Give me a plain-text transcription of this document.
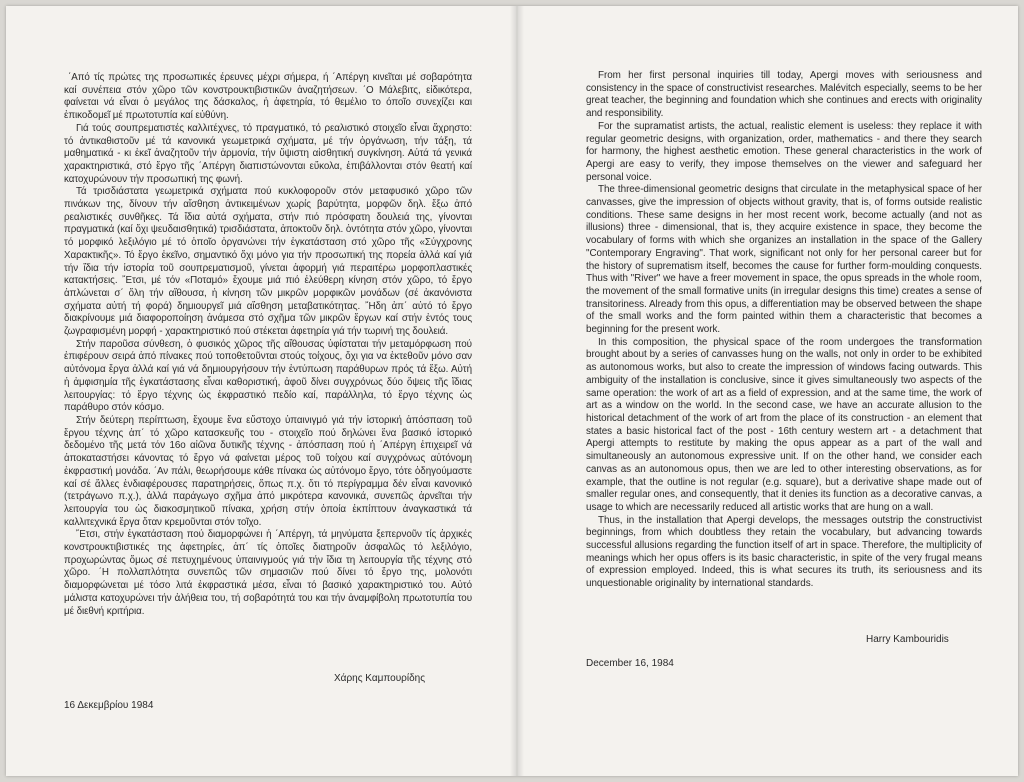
΄Από τίς πρώτες της προσωπικές έρευνες μέχρι σήμερα, ή ΄Απέργη κινεῖται μέ σοβαρότητα καί συνέπεια στόν χῶρο τῶν κονστρουκτιβιστικῶν ἀναζητήσεων. ΄Ο Μάλεβιτς, εἰδικότερα, φαίνεται νά εἶναι ὁ μεγάλος της δάσκαλος, ἡ ἀφετηρία, τό θεμέλιο το όποῖο συνεχίζει και ἐπικοδομεῖ μέ πρωτοτυπία καί εὐθύνη.

Γιά τούς σουπρεματιστές καλλιτέχνες, τό πραγματικό, τό ρεαλιστικό στοιχεῖο εἶναι ἄχρηστο: τό ἀντικαθιστοῦν μέ τά κανονικά γεωμετρικά σχήματα, μέ τήν ὀργάνωση, τήν τάξη, τά μαθηματικά - κι ἐκεῖ ἀναζητοῦν τήν ἁρμονία, τήν ὕψιστη αἰσθητική συγκίνηση. Αὐτά τά γενικά χαρακτηριστικά, στό ἔργο τῆς ΄Απέργη διαπιστώνονται εὔκολα, ἐπιβάλλονται στόν θεατή καί κατοχυρώνουν τήν προσωπική της φωνή.

Τά τρισδιάστατα γεωμετρικά σχήματα πού κυκλοφοροῦν στόν μεταφυσικό χῶρο τῶν πινάκων της, δίνουν τήν αἴσθηση ἀντικειμένων χωρίς βαρύτητα, μορφῶν δηλ. ἔξω ἀπό ρεαλιστικές συνθῆκες. Τά ἴδια αὐτά σχήματα, στήν πιό πρόσφατη δουλειά της, γίνονται πραγματικά (καί ὄχι ψευδαισθητικά) τρισδιάστατα, ἀποκτοῦν δηλ. ὀντότητα στόν χῶρο, γίνονται τό μορφικό λεξιλόγιο μέ τό ὁποῖο ὀργανώνει τήν ἐγκατάσταση στό χῶρο τῆς «Σύγχρονης Χαρακτικῆς». Τό ἔργο ἐκεῖνο, σημαντικό ὄχι μόνο για τήν προσωπική της πορεία ἀλλά καί γιά τήν ἴδια τήν ἱστορία τοῦ σουπρεματισμοῦ, γίνεται ἀφορμή γιά περαιτέρω μορφοπλαστικές κατακτήσεις. ῎Ετσι, μέ τόν «Ποταμό» ἔχουμε μιά πιό ἐλεύθερη κίνηση στόν χῶρο, τό ἔργο ἁπλώνεται σ΄ ὅλη τήν αἴθουσα, ἡ κίνηση τῶν μικρῶν μορφικῶν μονάδων (σέ ἀκανόνιστα σχήματα αὐτή τή φορά) δημιουργεῖ μιά αἴσθηση μεταβατικότητας. ῎Ηδη ἀπ΄ αὐτό τό ἔργο διακρίνουμε μιά διαφοροποίηση ἀνάμεσα στό σχῆμα τῶν μικρῶν ἔργων καί στήν ἐντός τους ζωγραφισμένη μορφή - χαρακτηριστικό πού στέκεται ἀφετηρία γιά τήν τωρινή της δουλειά.

Στήν παροῦσα σύνθεση, ὁ φυσικός χῶρος τῆς αἴθουσας ὑφίσταται τήν μεταμόρφωση πού ἐπιφέρουν σειρά ἀπό πίνακες πού τοποθετοῦνται στούς τοίχους, ὄχι για να ἐκτεθοῦν μόνο σαν αὐτόνομα ἔργα ἀλλά καί γιά νά δημιουργήσουν τήν ἐντύπωση παράθυρων πρός τά ἔξω. Αὐτή ἡ ἀμφισημία τῆς ἐγκατάστασης εἶναι καθοριστική, ἀφοῦ δίνει συγχρόνως δύο ὄψεις τῆς ἴδιας λειτουργίας: τό ἔργο τέχνης ὡς ἐκφραστικό πεδίο καί, παράλληλα, τό ἔργο τέχνης ὡς παράθυρο στόν κόσμο.

Στήν δεύτερη περίπτωση, ἔχουμε ἕνα εὔστοχο ὑπαινιγμό γιά τήν ἱστορική ἀπόσπαση τοῦ ἔργου τέχνης ἀπ΄ τό χῶρο κατασκευῆς του - στοιχεῖο πού δηλώνει ἕνα βασικό ἱστορικό δεδομένο τῆς μετά τόν 16ο αἰῶνα δυτικῆς τέχνης - ἀπόσπαση πού ἡ ΄Απέργη ἐπιχειρεῖ νά ἀποκαταστήσει κάνοντας τό ἔργο νά φαίνεται μέρος τοῦ τοίχου καί συγχρόνως αὐτόνομη ἐκφραστική μονάδα. ΄Αν πάλι, θεωρήσουμε κάθε πίνακα ὡς αὐτόνομο ἔργο, τότε ὁδηγούμαστε καί σέ ἄλλες ἐνδιαφέρουσες παρατηρήσεις, ὅπως π.χ. ὅτι τό περίγραμμα δέν εἶναι κανονικό (τετράγωνο π.χ.), ἀλλά παράγωγο σχῆμα ἀπό μικρότερα κανονικά, συνεπῶς ἀρνεῖται τήν λειτουργία του ὡς διακοσμητικοῦ πίνακα, χρήση στήν ὁποία ἐκπίπτουν ἀναγκαστικά τά καλλιτεχνικά ἔργα ὅταν κρεμοῦνται στόν τοῖχο.

῎Ετσι, στήν ἐγκατάσταση πού διαμορφώνει ἡ ΄Απέργη, τά μηνύματα ξεπερνοῦν τίς ἀρχικές κονστρουκτιβιστικές της ἀφετηρίες, ἀπ΄ τίς ὁποῖες διατηροῦν ἀσφαλῶς τό λεξιλόγιο, προχωρώντας ὅμως σέ πετυχημένους ὑπαινιγμούς γιά τήν ἴδια τη λειτουργία τῆς τέχνης στό χῶρο. ΄Η πολλαπλότητα συνεπῶς τῶν σημασιῶν πού δίνει τό ἔργο της, μολονότι διαμορφώνεται μέ τόσο λιτά ἐκφραστικά μέσα, εἶναι τό βασικό χαρακτηριστικό του. Αὐτό μάλιστα κατοχυρώνει τήν ἀλήθεια του, τή σοβαρότητά του και τήν ἀναμφίβολη πρωτοτυπία του μέ διεθνή κριτήρια.

Χάρης Καμπουρίδης
16 Δεκεμβρίου 1984

From her first personal inquiries till today, Apergi moves with seriousness and consistency in the space of constructivist researches. Malévitch especially, seems to be her great teacher, the beginning and foundation which she continues and erects with originality and responsibility.

For the supramatist artists, the actual, realistic element is useless: they replace it with regular geometric designs, with organization, order, mathematics - and there they search for harmony, the highest aesthetic emotion. These general characteristics in the work of Apergi are easy to verify, they impose themselves on the viewer and safeguard her personal voice.

The three-dimensional geometric designs that circulate in the metaphysical space of her canvasses, give the impression of objects without gravity, that is, of forms outside realistic conditions. These same designs in her most recent work, become actually (and not as illusions) three - dimensional, that is, they acquire existence in space, they become the vocabulary of forms with which she organizes an installation in the space of the Gallery "Contemporary Engraving". That work, significant not only for her personal career but for the history of suprematism itself, becomes the cause for further form-moulding conquests. Thus with "River" we have a freer movement in space, the opus spreads in the whole room, the movement of the small formative units (in irregular designs this time) creates a sense of transitoriness. Already from this opus, a differentiation may be observed between the shape of the small works and the form painted within them a characteristic that becomes a beginning for the present work.

In this composition, the physical space of the room undergoes the transformation brought about by a series of canvasses hung on the walls, not only in order to be exhibited as autonomous works, but also to create the impression of windows facing outwards. This ambiguity of the installation is conclusive, since it gives simultaneously two aspects of the same operation: the work of art as a field of expression, and at the same time, the work of art as a window on the world. In the second case, we have an accurate allusion to the historical detachment of the work of art from the place of its construction - an element that states a basic historical fact of the post - 16th century western art - a detachment that Apergi attempts to restitute by making the opus appear as a part of the wall and simultaneously an autonomous expressive unit. If on the other hand, we consider each canvas as an autonomous opus, then we are led to other interesting observations, as for example, that the outline is not regular (e.g. square), but a derivative shape made out of smaller regular ones, and consequently, that it denies its function as a decorative canvas, a usage to which are necessarily reduced all artistic works that are hung on a wall.

Thus, in the installation that Apergi develops, the messages outstrip the constructivist beginnings, from which doubtless they retain the vocabulary, but advancing towards successful allusions regarding the function itself of art in space. Therefore, the multiplicity of meanings which her opus offers is its basic characteristic, in spite of the very frugal means of expression employed. Indeed, this is what secures its truth, its seriousness and its unquestionable originality by international standards.

Harry Kambouridis
December 16, 1984
